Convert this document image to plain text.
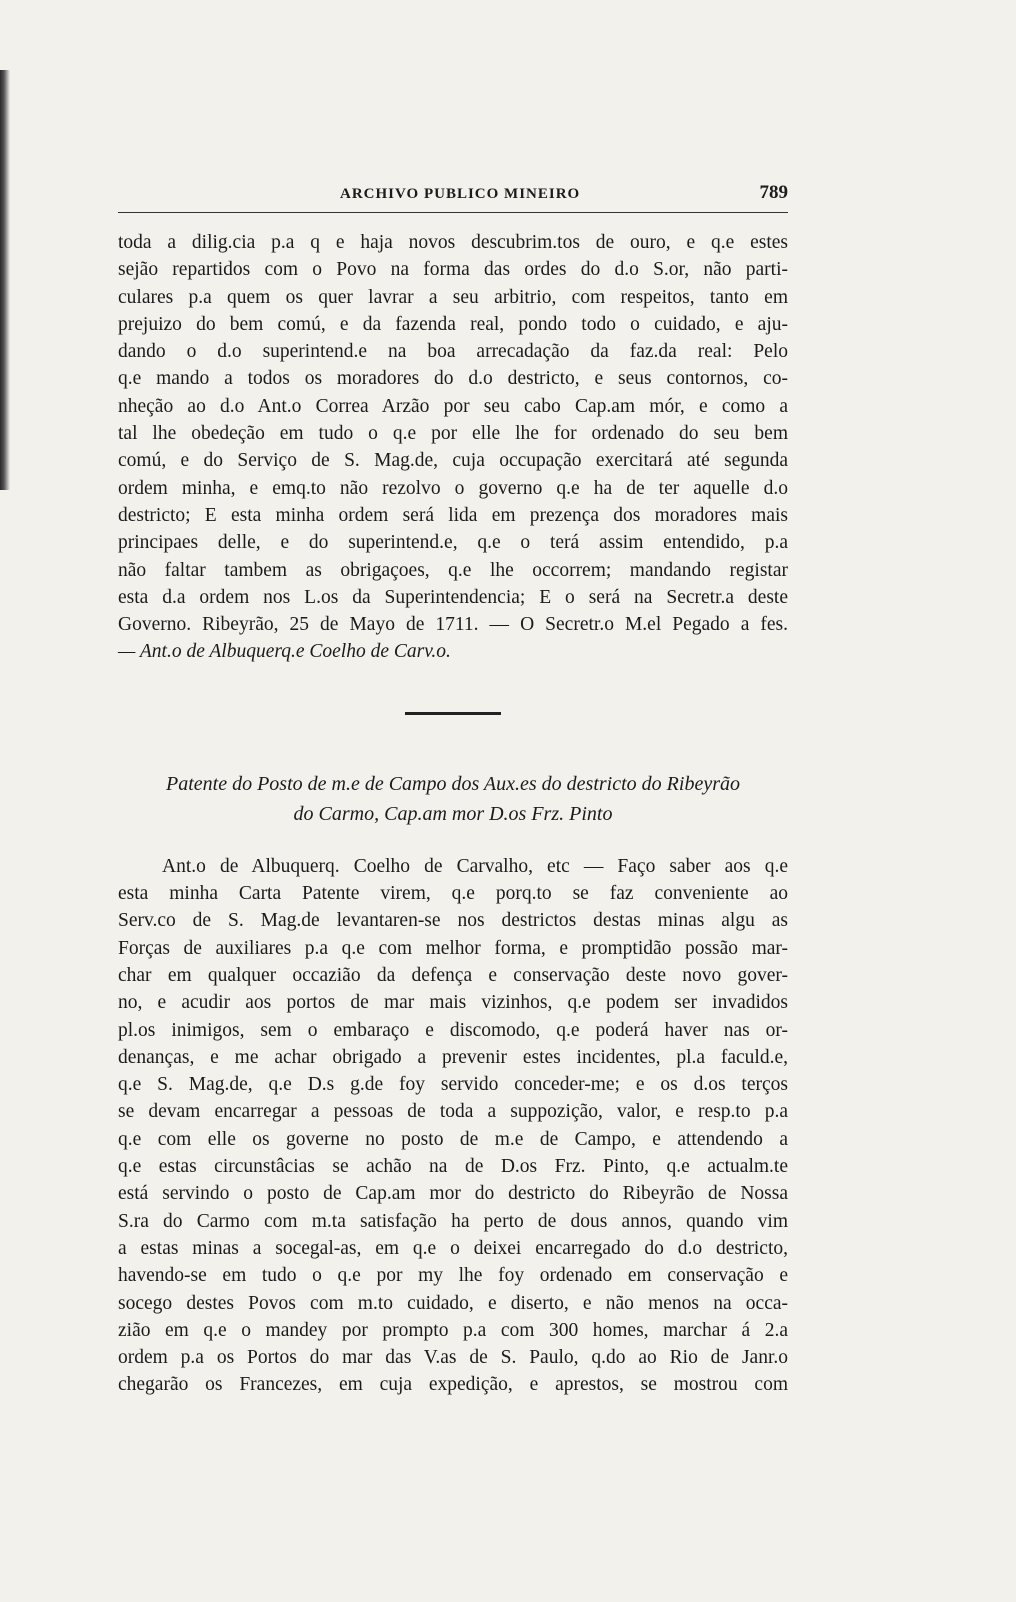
ARCHIVO PUBLICO MINEIRO	789

toda a dilig.cia p.a q e haja novos descubrim.tos de ouro, e q.e estes
sejão repartidos com o Povo na forma das ordes do d.o S.or, não parti-
culares p.a quem os quer lavrar a seu arbitrio, com respeitos, tanto em
prejuizo do bem comú, e da fazenda real, pondo todo o cuidado, e aju-
dando o d.o superintend.e na boa arrecadação da faz.da real: Pelo
q.e mando a todos os moradores do d.o destricto, e seus contornos, co-
nheção ao d.o Ant.o Correa Arzão por seu cabo Cap.am mór, e como a
tal lhe obedeção em tudo o q.e por elle lhe for ordenado do seu bem
comú, e do Serviço de S. Mag.de, cuja occupação exercitará até segunda
ordem minha, e emq.to não rezolvo o governo q.e ha de ter aquelle d.o
destricto; E esta minha ordem será lida em prezença dos moradores mais
principaes delle, e do superintend.e, q.e o terá assim entendido, p.a
não faltar tambem as obrigaçoes, q.e lhe occorrem; mandando registar
esta d.a ordem nos L.os da Superintendencia; E o será na Secretr.a deste
Governo. Ribeyrão, 25 de Mayo de 1711. — O Secretr.o M.el Pegado a fes.
— Ant.o de Albuquerq.e Coelho de Carv.o.

Patente do Posto de m.e de Campo dos Aux.es do destricto do Ribeyrão
do Carmo, Cap.am mor D.os Frz. Pinto

Ant.o de Albuquerq. Coelho de Carvalho, etc — Faço saber aos q.e
esta minha Carta Patente virem, q.e porq.to se faz conveniente ao
Serv.co de S. Mag.de levantaren-se nos destrictos destas minas algu as
Forças de auxiliares p.a q.e com melhor forma, e promptidão possão mar-
char em qualquer occazião da defença e conservação deste novo gover-
no, e acudir aos portos de mar mais vizinhos, q.e podem ser invadidos
pl.os inimigos, sem o embaraço e discomodo, q.e poderá haver nas or-
denanças, e me achar obrigado a prevenir estes incidentes, pl.a faculd.e,
q.e S. Mag.de, q.e D.s g.de foy servido conceder-me; e os d.os terços
se devam encarregar a pessoas de toda a suppozição, valor, e resp.to p.a
q.e com elle os governe no posto de m.e de Campo, e attendendo a
q.e estas circunstâcias se achão na de D.os Frz. Pinto, q.e actualm.te
está servindo o posto de Cap.am mor do destricto do Ribeyrão de Nossa
S.ra do Carmo com m.ta satisfação ha perto de dous annos, quando vim
a estas minas a socegal-as, em q.e o deixei encarregado do d.o destricto,
havendo-se em tudo o q.e por my lhe foy ordenado em conservação e
socego destes Povos com m.to cuidado, e diserto, e não menos na occa-
zião em q.e o mandey por prompto p.a com 300 homes, marchar á 2.a
ordem p.a os Portos do mar das V.as de S. Paulo, q.do ao Rio de Janr.o
chegarão os Francezes, em cuja expedição, e aprestos, se mostrou com
